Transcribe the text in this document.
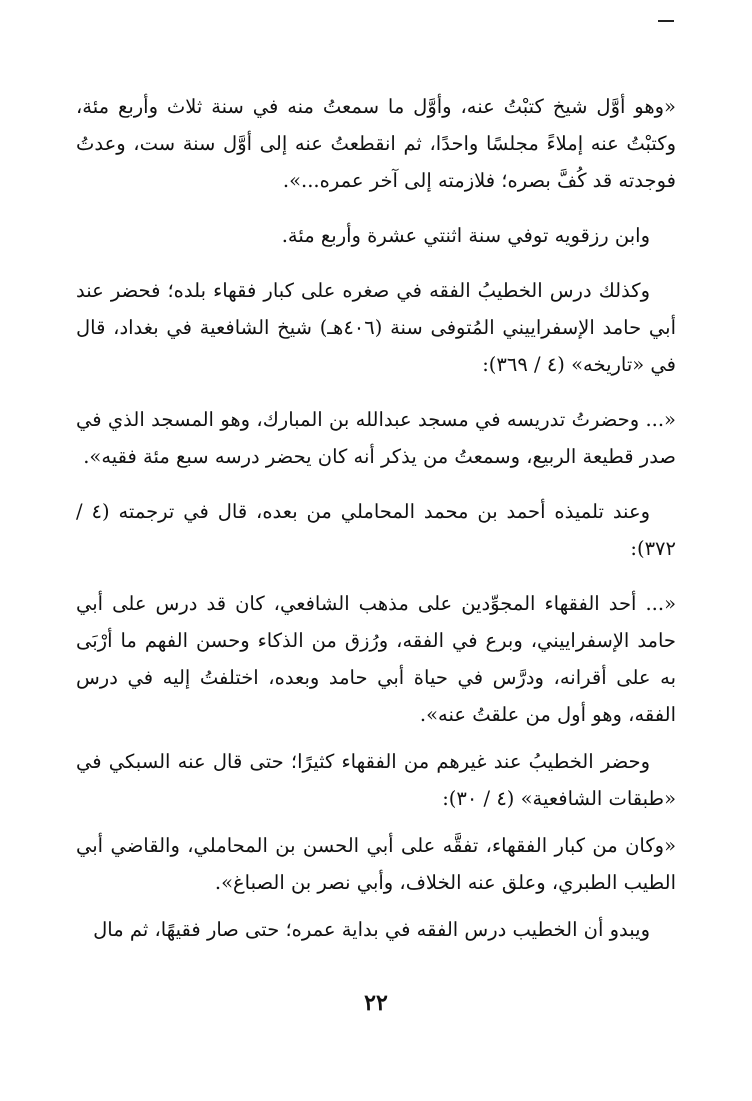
«وهو أوَّل شيخ كتبْتُ عنه، وأوَّل ما سمعتُ منه في سنة ثلاث وأربع مئة، وكتبْتُ عنه إملاءً مجلسًا واحدًا، ثم انقطعتُ عنه إلى أوَّل سنة ست، وعدتُ فوجدته قد كُفَّ بصره؛ فلازمته إلى آخر عمره...».

وابن رزقويه توفي سنة اثنتي عشرة وأربع مئة.

وكذلك درس الخطيبُ الفقه في صغره على كبار فقهاء بلده؛ فحضر عند أبي حامد الإسفراييني المُتوفى سنة (٤٠٦هـ) شيخ الشافعية في بغداد، قال في «تاريخه» (٤ / ٣٦٩):

«... وحضرتُ تدريسه في مسجد عبدالله بن المبارك، وهو المسجد الذي في صدر قطيعة الربيع، وسمعتُ من يذكر أنه كان يحضر درسه سبع مئة فقيه».

وعند تلميذه أحمد بن محمد المحاملي من بعده، قال في ترجمته (٤ / ٣٧٢):

«... أحد الفقهاء المجوِّدين على مذهب الشافعي، كان قد درس على أبي حامد الإسفراييني، وبرع في الفقه، ورُزق من الذكاء وحسن الفهم ما أرْبَى به على أقرانه، ودرَّس في حياة أبي حامد وبعده، اختلفتُ إليه في درس الفقه، وهو أول من علقتُ عنه».

وحضر الخطيبُ عند غيرهم من الفقهاء كثيرًا؛ حتى قال عنه السبكي في «طبقات الشافعية» (٤ / ٣٠):

«وكان من كبار الفقهاء، تفقَّه على أبي الحسن بن المحاملي، والقاضي أبي الطيب الطبري، وعلق عنه الخلاف، وأبي نصر بن الصباغ».

ويبدو أن الخطيب درس الفقه في بداية عمره؛ حتى صار فقيهًا، ثم مال

٢٢
